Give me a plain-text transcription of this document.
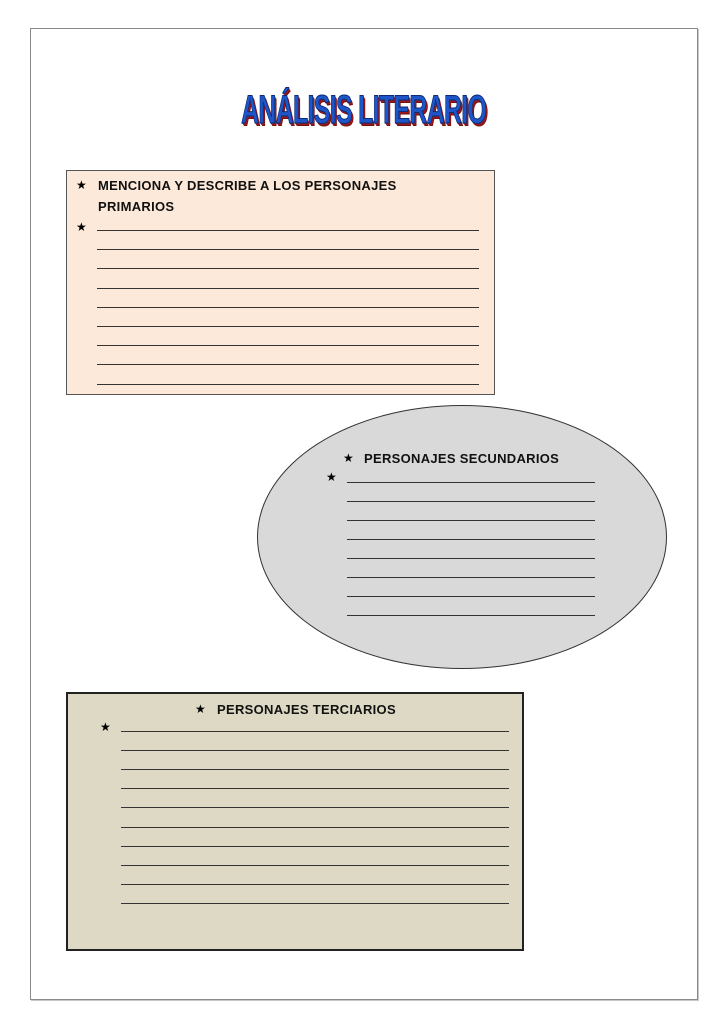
ANÁLISIS LITERARIO
★ MENCIONA Y DESCRIBE A LOS PERSONAJES
PRIMARIOS
★
★ PERSONAJES SECUNDARIOS
★
★ PERSONAJES TERCIARIOS
★
